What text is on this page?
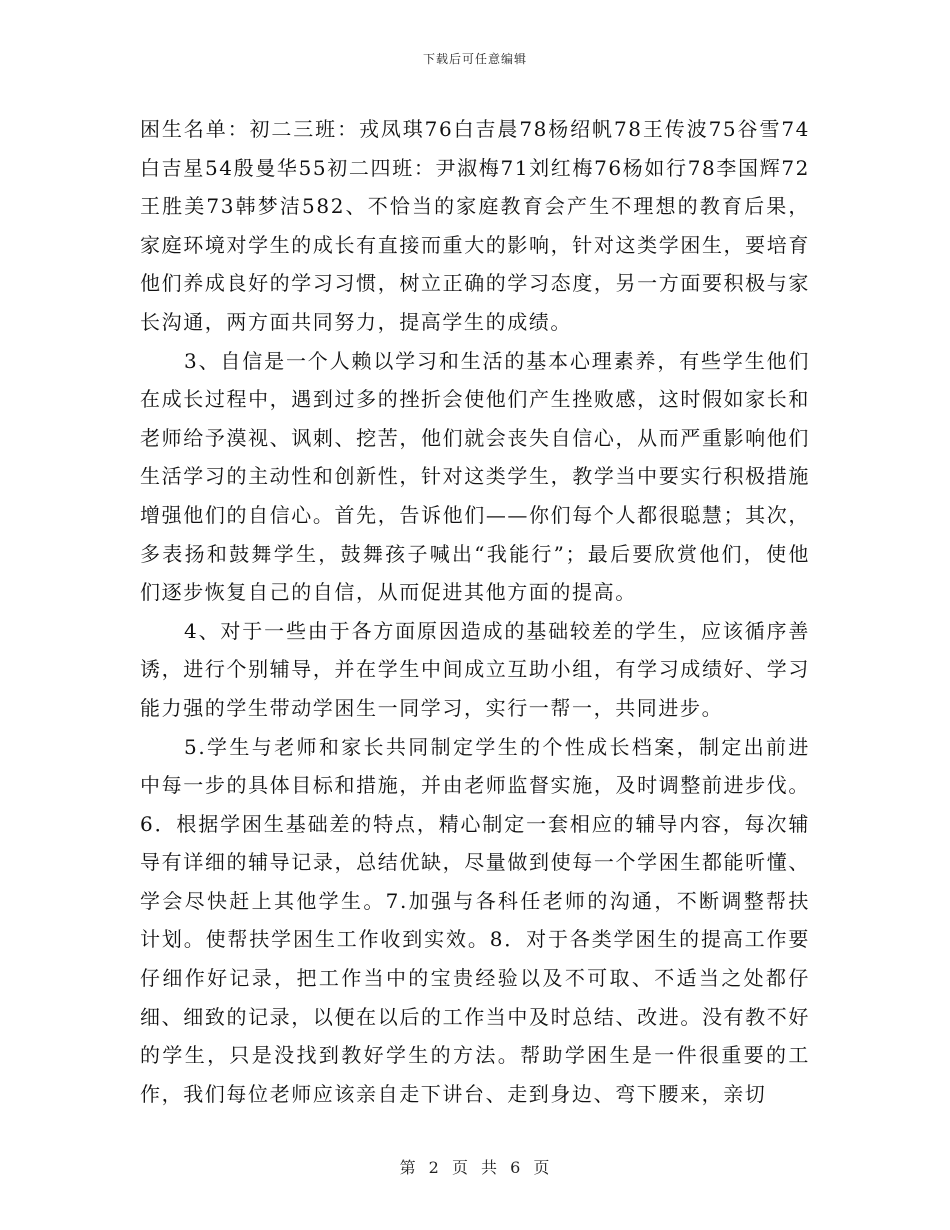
下载后可任意编辑

困生名单：初二三班：戎凤琪76白吉晨78杨绍帆78王传波75谷雪74白吉星54殷曼华55初二四班：尹淑梅71刘红梅76杨如行78李国辉72王胜美73韩梦洁582、不恰当的家庭教育会产生不理想的教育后果，家庭环境对学生的成长有直接而重大的影响，针对这类学困生，要培育他们养成良好的学习习惯，树立正确的学习态度，另一方面要积极与家长沟通，两方面共同努力，提高学生的成绩。

3、自信是一个人赖以学习和生活的基本心理素养，有些学生他们在成长过程中，遇到过多的挫折会使他们产生挫败感，这时假如家长和老师给予漠视、讽刺、挖苦，他们就会丧失自信心，从而严重影响他们生活学习的主动性和创新性，针对这类学生，教学当中要实行积极措施增强他们的自信心。首先，告诉他们——你们每个人都很聪慧；其次，多表扬和鼓舞学生，鼓舞孩子喊出“我能行”；最后要欣赏他们，使他们逐步恢复自己的自信，从而促进其他方面的提高。

4、对于一些由于各方面原因造成的基础较差的学生，应该循序善诱，进行个别辅导，并在学生中间成立互助小组，有学习成绩好、学习能力强的学生带动学困生一同学习，实行一帮一，共同进步。

5.学生与老师和家长共同制定学生的个性成长档案，制定出前进中每一步的具体目标和措施，并由老师监督实施，及时调整前进步伐。6．根据学困生基础差的特点，精心制定一套相应的辅导内容，每次辅导有详细的辅导记录，总结优缺，尽量做到使每一个学困生都能听懂、学会尽快赶上其他学生。7.加强与各科任老师的沟通，不断调整帮扶计划。使帮扶学困生工作收到实效。8．对于各类学困生的提高工作要仔细作好记录，把工作当中的宝贵经验以及不可取、不适当之处都仔细、细致的记录，以便在以后的工作当中及时总结、改进。没有教不好的学生，只是没找到教好学生的方法。帮助学困生是一件很重要的工作，我们每位老师应该亲自走下讲台、走到身边、弯下腰来，亲切

第 2 页 共 6 页
